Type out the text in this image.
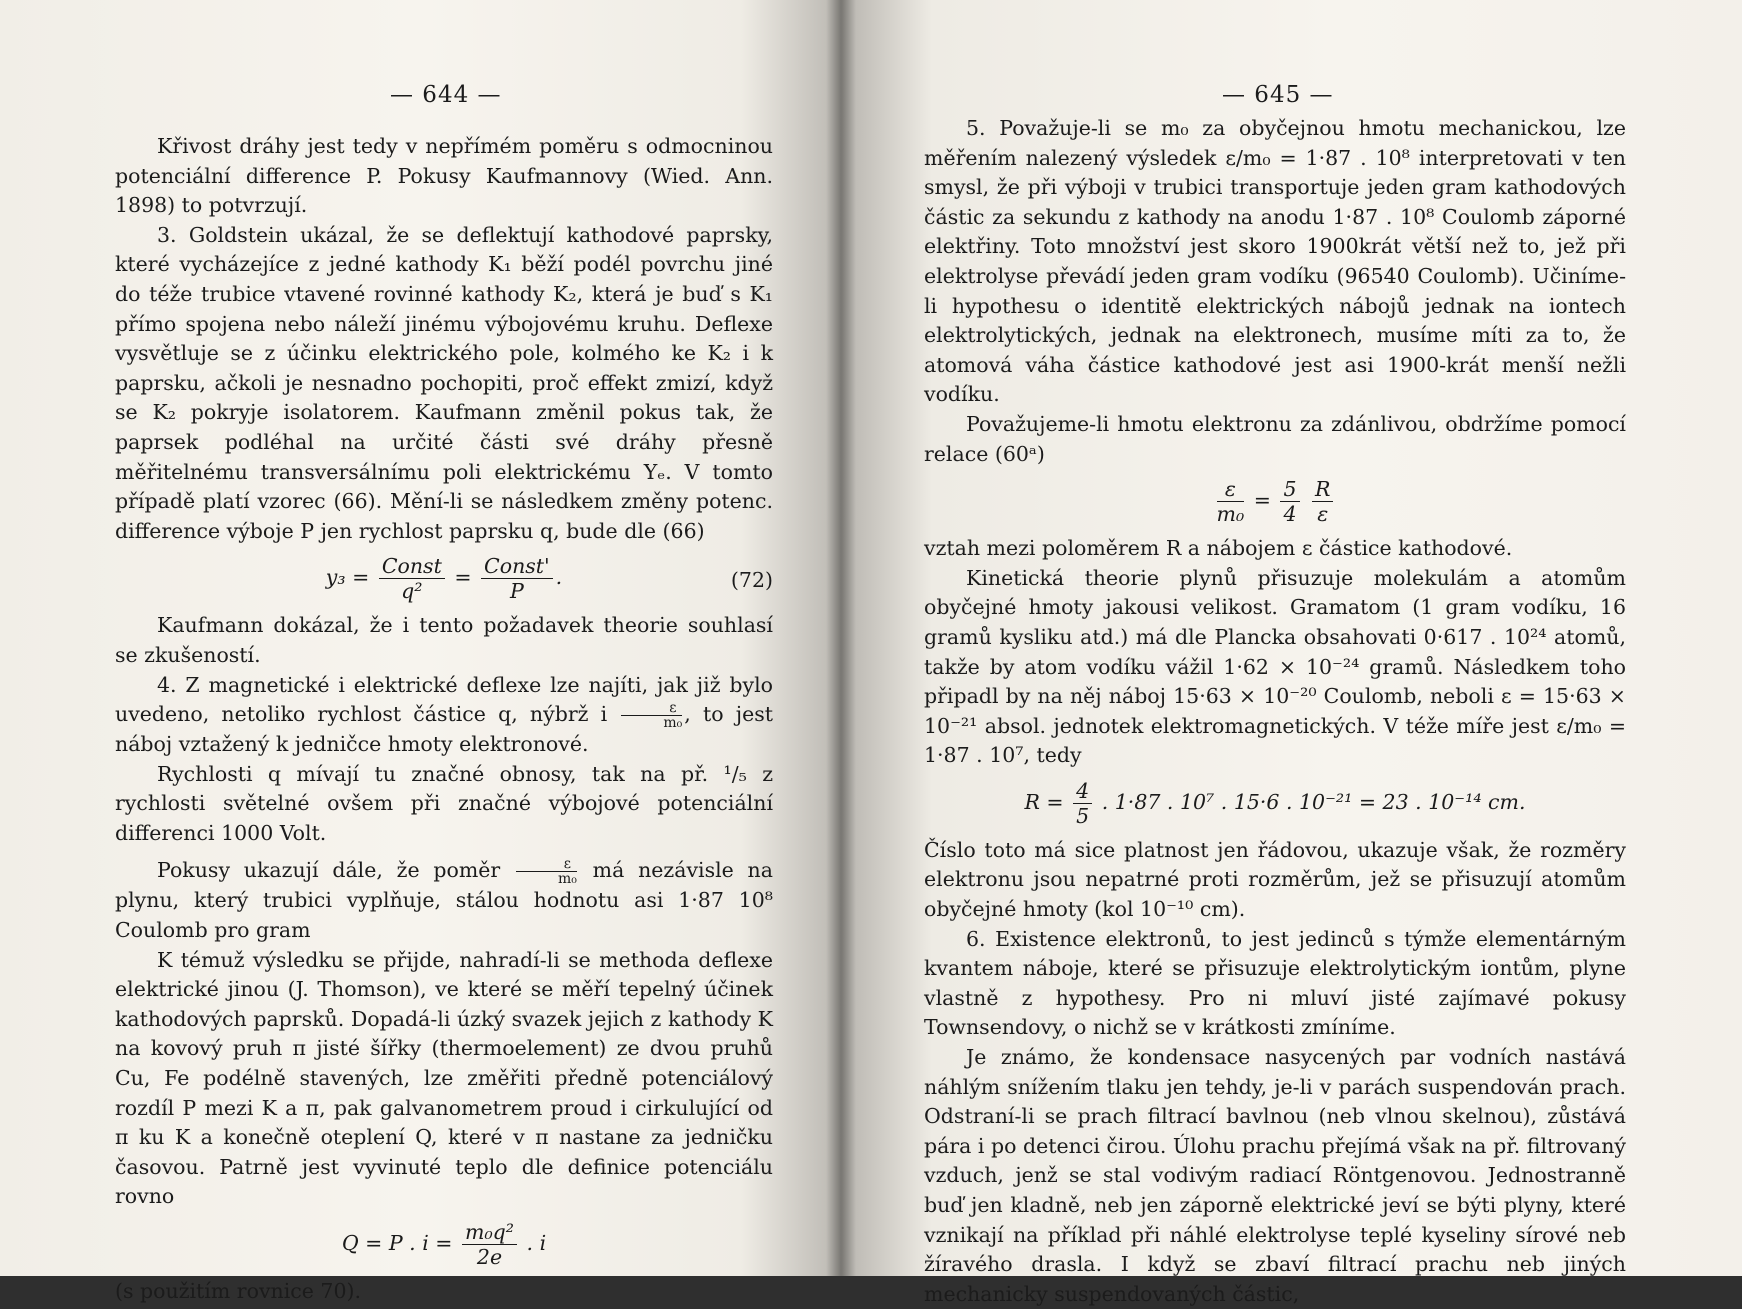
— 644 —

Křivost dráhy jest tedy v nepřímém poměru s odmocninou potenciální differencе P. Pokusy Kaufmannovy (Wied. Ann. 1898) to potvrzují.

3. Goldstein ukázal, že se deflektují kathodové paprsky, které vycházejíce z jedné kathody K₁ běží podél povrchu jiné do téže trubice vtavené rovinné kathody K₂, která je buď s K₁ přímo spojena nebo náleží jinému výbojovému kruhu. Deflexe vysvětluje se z účinku elektrického pole, kolmého ke K₂ i k paprsku, ačkoli je nesnadno pochopiti, proč effekt zmizí, když se K₂ pokryje isolatorem. Kaufmann změnil pokus tak, že paprsek podléhal na určité části své dráhy přesně měřitelnému transversálnímu poli elektrickému Yₑ. V tomto případě platí vzorec (66). Mění-li se následkem změny potenc. differencе výboje P jen rychlost paprsku q, bude dle (66)

$y_3 = \frac{\text{Const}}{\text{q²}} = \frac{\text{Const'}}{P}$ .	(72)

Kaufmann dokázal, že i tento požadavek theorie souhlasí se zkušeností.

4. Z magnetické i elektrické deflexe lze najíti, jak již bylo uvedeno, netoliko rychlost částice q, nýbrž i $\frac{\varepsilon}{\text{m₀}}$ , to jest náboj vztažený k jedničce hmoty elektronové.

Rychlosti q mívají tu značné obnosy, tak na př. ¹/₅ z rychlosti světelné ovšem při značné výbojové potenciální differenci 1000 Volt.

Pokusy ukazují dále, že poměr $\frac{\varepsilon}{\text{m₀}}$ má nezávisle na plynu, který trubici vyplňuje, stálou hodnotu asi 1·87 10⁸ Coulomb pro gram

K témuž výsledku se přijde, nahradí-li se methoda deflexe elektrické jinou (J. Thomson), ve které se měří tepelný účinek kathodových paprsků. Dopadá-li úzký svazek jejich z kathody K na kovový pruh π jisté šířky (thermoelement) ze dvou pruhů Cu, Fe podélně stavených, lze změřiti předně potenciálový rozdíl P mezi K a π, pak galvanometrem proud i cirkulující od π ku K a konečně oteplení Q, které v π nastane za jedničku časovou. Patrně jest vyvinuté teplo dle definice potenciálu rovno

Q = P . $i = \frac{\text{m₀q²}}{2e}$ . i

(s použitím rovnice 70).

— 645 —

5. Považuje-li se m₀ za obyčejnou hmotu mechanickou, lze měřením nalezený výsledek ε/m₀ = 1·87 . 10⁸ interpretovati v ten smysl, že při výboji v trubici transportuje jeden gram kathodových částic za sekundu z kathody na anodu 1·87 . 10⁸ Coulomb záporné elektřiny. Toto množství jest skoro 1900krát větší než to, jež při elektrolyse převádí jeden gram vodíku (96540 Coulomb). Učiníme-li hypothesu o identitě elektrických nábojů jednak na iontech elektrolytických, jednak na elektronech, musíme míti za to, že atomová váha částice kathodové jest asi 1900-krát menší nežli vodíku.

Považujeme-li hmotu elektronu za zdánlivou, obdržíme pomocí relace (60ᵃ)

$\frac{\varepsilon}{\text{m₀}} = \frac{5}{4}$
$\frac{R}{\varepsilon}$

vztah mezi poloměrem R a nábojem ε částice kathodové.

Kinetická theorie plynů přisuzuje molekulám a atomům obyčejné hmoty jakousi velikost. Gramatom (1 gram vodíku, 16 gramů kysliku atd.) má dle Plancka obsahovati 0·617 . 10²⁴ atomů, takže by atom vodíku vážil 1·62 × 10⁻²⁴ gramů. Následkem toho připadl by na něj náboj 15·63 × 10⁻²⁰ Coulomb, neboli ε = 15·63 × 10⁻²¹ absol. jednotek elektromagnetických. V téže míře jest ε/m₀ = 1·87 . 10⁷, tedy

$R = \frac{4}{5}$ . 1·87 . 10⁷ . 15·6 . 10⁻²¹ = 23 . 10⁻¹⁴ cm.

Číslo toto má sice platnost jen řádovou, ukazuje však, že rozměry elektronu jsou nepatrné proti rozměrům, jež se přisuzují atomům obyčejné hmoty (kol 10⁻¹⁰ cm).

6. Existence elektronů, to jest jedinců s týmže elementárným kvantem náboje, které se přisuzuje elektrolytickým iontům, plyne vlastně z hypothesy. Pro ni mluví jisté zajímavé pokusy Townsendovy, o nichž se v krátkosti zmíníme.

Je známo, že kondensace nasycených par vodních nastává náhlým snížením tlaku jen tehdy, je-li v parách suspendován prach. Odstraní-li se prach filtrací bavlnou (neb vlnou skelnou), zůstává pára i po detenci čirou. Úlohu prachu přejímá však na př. filtrovaný vzduch, jenž se stal vodivým radiací Röntgenovou. Jednostranně buď jen kladně, neb jen záporně elektrické jeví se býti plyny, které vznikají na příklad při náhlé elektrolyse teplé kyseliny sírové neb žíravého drasla. I když se zbaví filtrací prachu neb jiných mechanicky suspendovaných částic,
